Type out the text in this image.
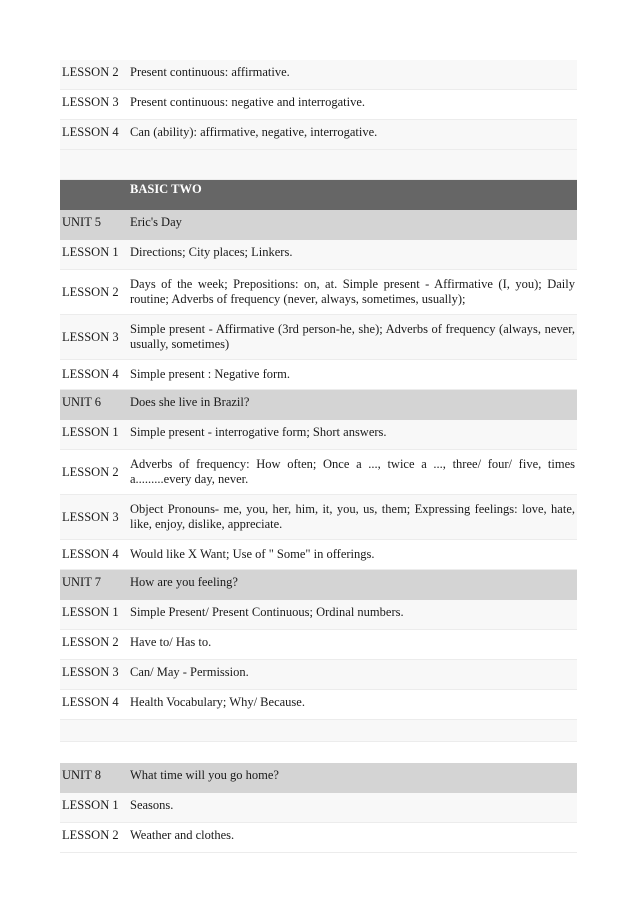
LESSON 2 Present continuous: affirmative.
LESSON 3 Present continuous: negative and interrogative.
LESSON 4 Can (ability): affirmative, negative, interrogative.
BASIC TWO
UNIT 5	Eric's Day
LESSON 1 Directions; City places; Linkers.
LESSON 2
Days of the week; Prepositions: on, at. Simple present - Affirmative (I, you); Daily routine; Adverbs of frequency (never, always, sometimes, usually);
LESSON 3
Simple present - Affirmative (3rd person-he, she); Adverbs of frequency (always, never, usually, sometimes)
LESSON 4 Simple present : Negative form.
UNIT 6	Does she live in Brazil?
LESSON 1 Simple present - interrogative form; Short answers.
LESSON 2
Adverbs of frequency: How often; Once a ..., twice a ..., three/ four/ five, times a.........every day, never.
LESSON 3
Object Pronouns- me, you, her, him, it, you, us, them; Expressing feelings: love, hate, like, enjoy, dislike, appreciate.
LESSON 4 Would like X Want; Use of " Some" in offerings.
UNIT 7	How are you feeling?
LESSON 1 Simple Present/ Present Continuous; Ordinal numbers.
LESSON 2 Have to/ Has to.
LESSON 3 Can/ May - Permission.
LESSON 4 Health Vocabulary; Why/ Because.
UNIT 8	What time will you go home?
LESSON 1 Seasons.
LESSON 2 Weather and clothes.
